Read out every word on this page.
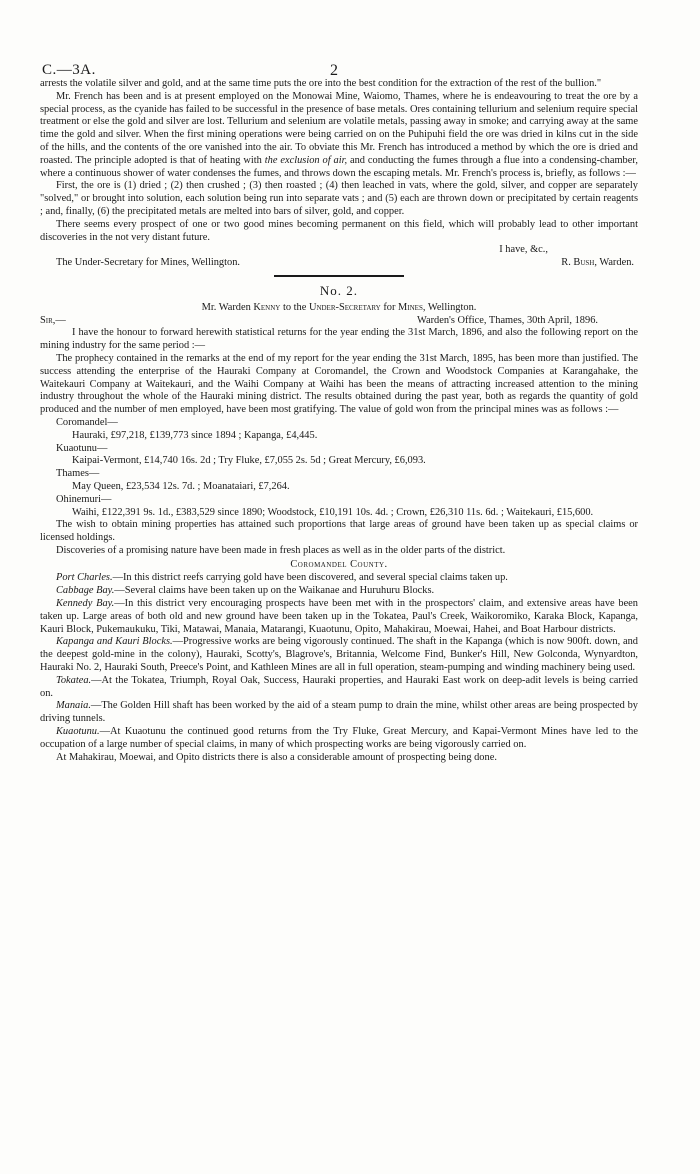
C.—3A.	2

arrests the volatile silver and gold, and at the same time puts the ore into the best condition for the extraction of the rest of the bullion."

Mr. French has been and is at present employed on the Monowai Mine, Waiomo, Thames, where he is endeavouring to treat the ore by a special process, as the cyanide has failed to be successful in the presence of base metals. Ores containing tellurium and selenium require special treatment or else the gold and silver are lost. Tellurium and selenium are volatile metals, passing away in smoke; and carrying away at the same time the gold and silver. When the first mining operations were being carried on on the Puhipuhi field the ore was dried in kilns cut in the side of the hills, and the contents of the ore vanished into the air. To obviate this Mr. French has introduced a method by which the ore is dried and roasted. The principle adopted is that of heating with the exclusion of air, and conducting the fumes through a flue into a condensing-chamber, where a continuous shower of water condenses the fumes, and throws down the escaping metals. Mr. French's process is, briefly, as follows :—

First, the ore is (1) dried ; (2) then crushed ; (3) then roasted ; (4) then leached in vats, where the gold, silver, and copper are separately "solved," or brought into solution, each solution being run into separate vats ; and (5) each are thrown down or precipitated by certain reagents ; and, finally, (6) the precipitated metals are melted into bars of silver, gold, and copper.

There seems every prospect of one or two good mines becoming permanent on this field, which will probably lead to other important discoveries in the not very distant future.

I have, &c.,

The Under-Secretary for Mines, Wellington.	R. Bush, Warden.
No. 2.

Mr. Warden Kenny to the Under-Secretary for Mines, Wellington.

Sir,—	Warden's Office, Thames, 30th April, 1896.

I have the honour to forward herewith statistical returns for the year ending the 31st March, 1896, and also the following report on the mining industry for the same period :—

The prophecy contained in the remarks at the end of my report for the year ending the 31st March, 1895, has been more than justified. The success attending the enterprise of the Hauraki Company at Coromandel, the Crown and Woodstock Companies at Karangahake, the Waitekauri Company at Waitekauri, and the Waihi Company at Waihi has been the means of attracting increased attention to the mining industry throughout the whole of the Hauraki mining district. The results obtained during the past year, both as regards the quantity of gold produced and the number of men employed, have been most gratifying. The value of gold won from the principal mines was as follows :—

Coromandel—

Hauraki, £97,218, £139,773 since 1894 ; Kapanga, £4,445.

Kuaotunu—

Kaipai-Vermont, £14,740 16s. 2d ; Try Fluke, £7,055 2s. 5d ; Great Mercury, £6,093.

Thames—

May Queen, £23,534 12s. 7d. ; Moanataiari, £7,264.

Ohinemuri—

Waihi, £122,391 9s. 1d., £383,529 since 1890; Woodstock, £10,191 10s. 4d. ; Crown, £26,310 11s. 6d. ; Waitekauri, £15,600.

The wish to obtain mining properties has attained such proportions that large areas of ground have been taken up as special claims or licensed holdings.

Discoveries of a promising nature have been made in fresh places as well as in the older parts of the district.

Coromandel County.

Port Charles.—In this district reefs carrying gold have been discovered, and several special claims taken up.

Cabbage Bay.—Several claims have been taken up on the Waikanae and Huruhuru Blocks.

Kennedy Bay.—In this district very encouraging prospects have been met with in the prospectors' claim, and extensive areas have been taken up. Large areas of both old and new ground have been taken up in the Tokatea, Paul's Creek, Waikoromiko, Karaka Block, Kapanga, Kauri Block, Pukemaukuku, Tiki, Matawai, Manaia, Matarangi, Kuaotunu, Opito, Mahakirau, Moewai, Hahei, and Boat Harbour districts.

Kapanga and Kauri Blocks.—Progressive works are being vigorously continued. The shaft in the Kapanga (which is now 900ft. down, and the deepest gold-mine in the colony), Hauraki, Scotty's, Blagrove's, Britannia, Welcome Find, Bunker's Hill, New Golconda, Wynyardton, Hauraki No. 2, Hauraki South, Preece's Point, and Kathleen Mines are all in full operation, steam-pumping and winding machinery being used.

Tokatea.—At the Tokatea, Triumph, Royal Oak, Success, Hauraki properties, and Hauraki East work on deep-adit levels is being carried on.

Manaia.—The Golden Hill shaft has been worked by the aid of a steam pump to drain the mine, whilst other areas are being prospected by driving tunnels.

Kuaotunu.—At Kuaotunu the continued good returns from the Try Fluke, Great Mercury, and Kapai-Vermont Mines have led to the occupation of a large number of special claims, in many of which prospecting works are being vigorously carried on.

At Mahakirau, Moewai, and Opito districts there is also a considerable amount of prospecting being done.
